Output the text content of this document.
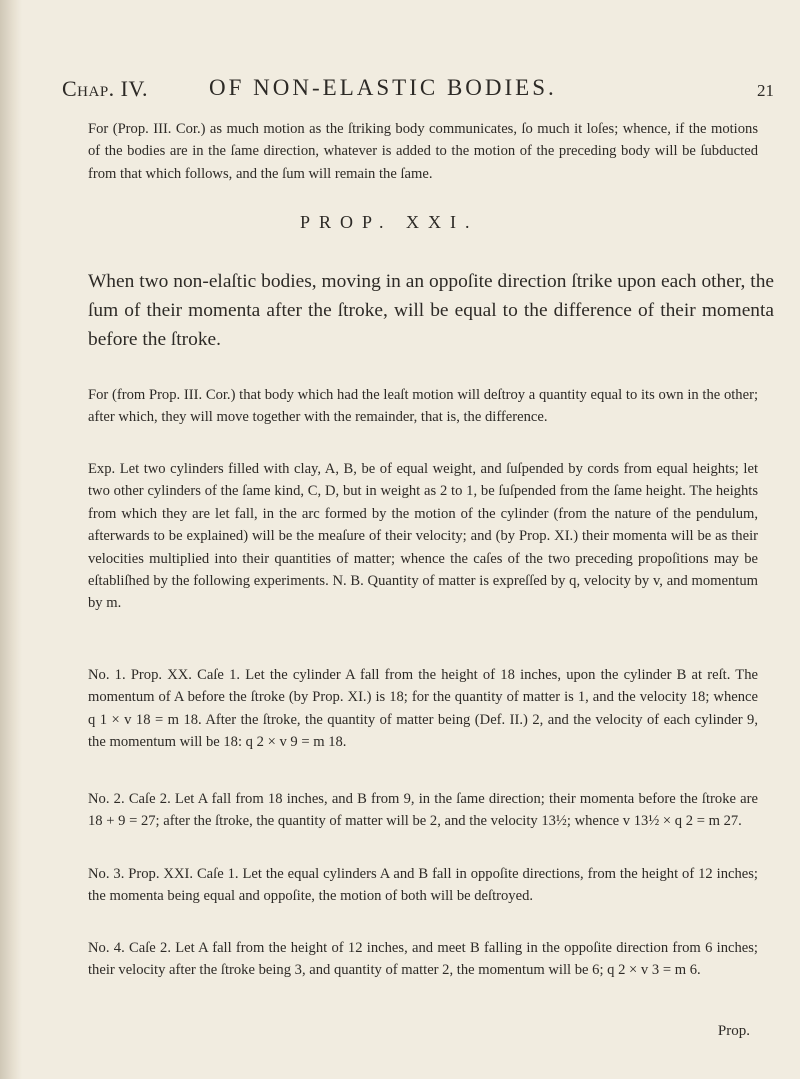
Chap. IV.	OF NON-ELASTIC BODIES.	21

For (Prop. III. Cor.) as much motion as the ſtriking body communicates, ſo much it loſes; whence, if the motions of the bodies are in the ſame direction, whatever is added to the motion of the preceding body will be ſubducted from that which follows, and the ſum will remain the ſame.

PROP. XXI.

When two non-elaſtic bodies, moving in an oppoſite direction ſtrike upon each other, the ſum of their momenta after the ſtroke, will be equal to the difference of their momenta before the ſtroke.

For (from Prop. III. Cor.) that body which had the leaſt motion will deſtroy a quantity equal to its own in the other; after which, they will move together with the remainder, that is, the difference.

Exp. Let two cylinders filled with clay, A, B, be of equal weight, and ſuſpended by cords from equal heights; let two other cylinders of the ſame kind, C, D, but in weight as 2 to 1, be ſuſpended from the ſame height. The heights from which they are let fall, in the arc formed by the motion of the cylinder (from the nature of the pendulum, afterwards to be explained) will be the meaſure of their velocity; and (by Prop. XI.) their momenta will be as their velocities multiplied into their quantities of matter; whence the caſes of the two preceding propoſitions may be eſtabliſhed by the following experiments. N. B. Quantity of matter is expreſſed by q, velocity by v, and momentum by m.

No. 1. Prop. XX. Caſe 1. Let the cylinder A fall from the height of 18 inches, upon the cylinder B at reſt. The momentum of A before the ſtroke (by Prop. XI.) is 18; for the quantity of matter is 1, and the velocity 18; whence q 1 × v 18 = m 18. After the ſtroke, the quantity of matter being (Def. II.) 2, and the velocity of each cylinder 9, the momentum will be 18: q 2 × v 9 = m 18.

No. 2. Caſe 2. Let A fall from 18 inches, and B from 9, in the ſame direction; their momenta before the ſtroke are 18 + 9 = 27; after the ſtroke, the quantity of matter will be 2, and the velocity 13½; whence v 13½ × q 2 = m 27.

No. 3. Prop. XXI. Caſe 1. Let the equal cylinders A and B fall in oppoſite directions, from the height of 12 inches; the momenta being equal and oppoſite, the motion of both will be deſtroyed.

No. 4. Caſe 2. Let A fall from the height of 12 inches, and meet B falling in the oppoſite direction from 6 inches; their velocity after the ſtroke being 3, and quantity of matter 2, the momentum will be 6; q 2 × v 3 = m 6.

Prop.
